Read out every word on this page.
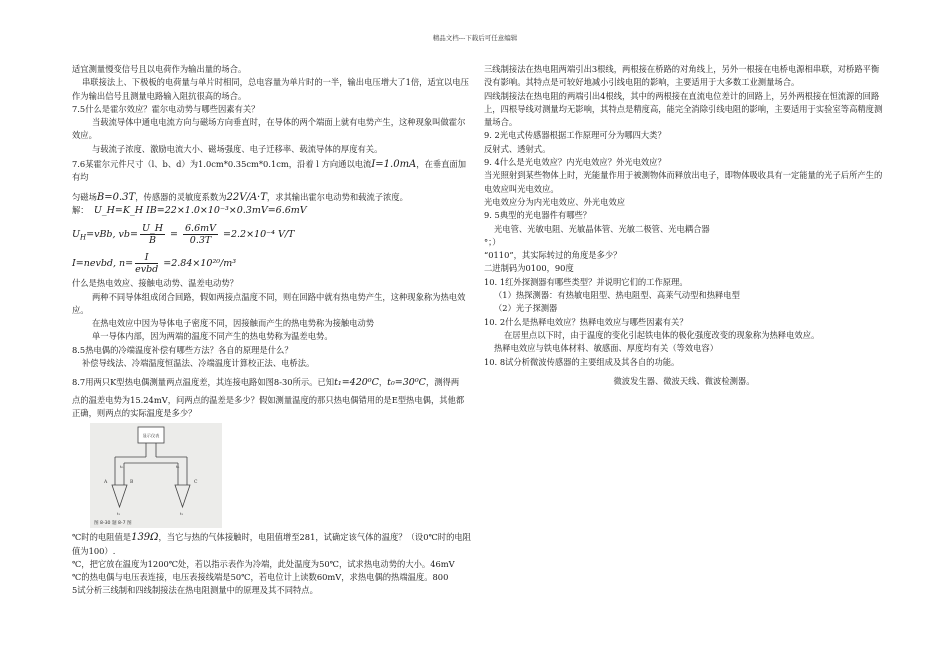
精品文档---下载后可任意编辑

适宜测量慢变信号且以电荷作为输出量的场合。

串联接法上、下极板的电荷量与单片时相同，总电容量为单片时的一半，输出电压增大了1倍，适宜以电压作为输出信号且测量电路输入阻抗很高的场合。

7.5什么是霍尔效应？霍尔电动势与哪些因素有关？

当载流导体中通电电流方向与磁场方向垂直时，在导体的两个端面上就有电势产生，这种现象叫做霍尔效应。

与载流子浓度、激励电流大小、磁场强度、电子迁移率、载流导体的厚度有关。

7.6某霍尔元件尺寸（l、b、d）为1.0cm*0.35cm*0.1cm，沿着 l 方向通以电流I=1.0mA，在垂直面加有均

匀磁场B=0.3T，传感器的灵敏度系数为22V/A·T，求其输出霍尔电动势和载流子浓度。

解： U_H=K_H IB=22×1.0×10⁻³×0.3mV=6.6mV

$U_H=vBb$, $vb= \frac{U\_H}{B} = \frac{6.6mV}{0.3T} =2.2\times 10^{-4}$ V/T

I=nevbd, $n= \frac{I}{\text{evbd}} =2.84\times 10^{20}/m^3$

什么是热电效应、接触电动势、温差电动势？

两种不同导体组成闭合回路，假如两接点温度不同，则在回路中就有热电势产生，这种现象称为热电效应。

在热电效应中因为导体电子密度不同，因接触而产生的热电势称为接触电动势

单一导体内部，因为两端的温度不同产生的热电势称为温差电势。

8.5热电偶的冷端温度补偿有哪些方法？各自的原理是什么？

补偿导线法、冷端温度恒温法、冷端温度计算校正法、电桥法。

8.7用两只K型热电偶测量两点温度差，其连接电路如图8-30所示。已知t₁=420⁰C，t₀=30⁰C，测得两

点的温差电势为15.24mV，问两点的温差是多少？假如测量温度的那只热电偶错用的是E型热电偶，其他都正确，则两点的实际温度是多少？

显示仪表
t₀	t₀
A	B	C
t₁	t₁
图 8-30 题 8-7 图

℃时的电阻值是139Ω，当它与热的气体接触时，电阻值增至281，试确定该气体的温度？（设0℃时的电阻值为100）.

℃，把它放在温度为1200℃处，若以指示表作为冷端，此处温度为50℃，试求热电动势的大小。46mV

℃的热电偶与电压表连接，电压表接线端是50℃，若电位计上读数60mV，求热电偶的热端温度。800

5试分析三线制和四线制接法在热电阻测量中的原理及其不同特点。

三线制接法在热电阻两端引出3根线，两根接在桥路的对角线上，另外一根接在电桥电源相串联，对桥路平衡没有影响。其特点是可较好地减小引线电阻的影响，主要适用于大多数工业测量场合。

四线制接法在热电阻的两端引出4根线，其中的两根接在直流电位差计的回路上，另外两根接在恒流源的回路上，四根导线对测量均无影响，其特点是精度高，能完全消除引线电阻的影响，主要适用于实验室等高精度测量场合。

9. 2光电式传感器根据工作原理可分为哪四大类？

反射式、透射式。

9. 4什么是光电效应？内光电效应？外光电效应？

当光照射到某些物体上时，光能量作用于被测物体而释放出电子，即物体吸收具有一定能量的光子后所产生的电效应叫光电效应。

光电效应分为内光电效应、外光电效应

9. 5典型的光电器件有哪些？

光电管、光敏电阻、光敏晶体管、光敏二极管、光电耦合器

°；）

“0110”，其实际转过的角度是多少？

二进制码为0100，90度

10. 1红外探测器有哪些类型？并说明它们的工作原理。

（1）热探测器：有热敏电阻型、热电阻型、高莱气动型和热释电型

（2）光子探测器

10. 2什么是热释电效应？热释电效应与哪些因素有关？

在居里点以下时，由于温度的变化引起铁电体的极化强度改变的现象称为热释电效应。

热释电效应与铁电体材料、敏感面、厚度均有关（等效电容）

10. 8试分析微波传感器的主要组成及其各自的功能。

微波发生器、微波天线、微波检测器。
